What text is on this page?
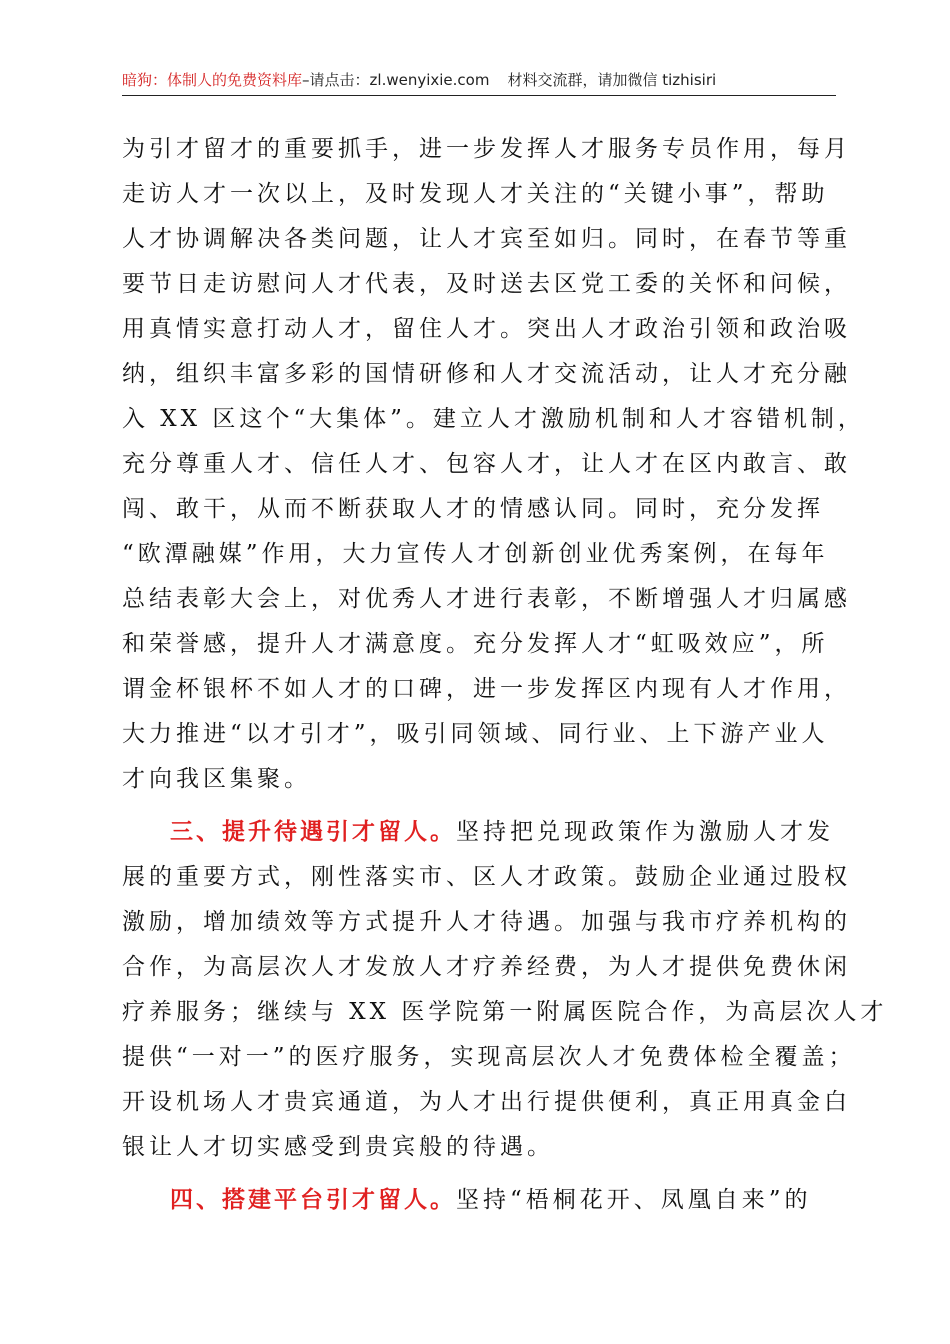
暗狗：体制人的免费资料库–请点击：zl.wenyixie.com 材料交流群，请加微信 tizhisiri
为引才留才的重要抓手，进一步发挥人才服务专员作用，每月
走访人才一次以上，及时发现人才关注的“关键小事”，帮助
人才协调解决各类问题，让人才宾至如归。同时，在春节等重
要节日走访慰问人才代表，及时送去区党工委的关怀和问候，
用真情实意打动人才，留住人才。突出人才政治引领和政治吸
纳，组织丰富多彩的国情研修和人才交流活动，让人才充分融
入 XX 区这个“大集体”。建立人才激励机制和人才容错机制，
充分尊重人才、信任人才、包容人才，让人才在区内敢言、敢
闯、敢干，从而不断获取人才的情感认同。同时，充分发挥
“欧潭融媒”作用，大力宣传人才创新创业优秀案例，在每年
总结表彰大会上，对优秀人才进行表彰，不断增强人才归属感
和荣誉感，提升人才满意度。充分发挥人才“虹吸效应”，所
谓金杯银杯不如人才的口碑，进一步发挥区内现有人才作用，
大力推进“以才引才”，吸引同领域、同行业、上下游产业人
才向我区集聚。
三、提升待遇引才留人。坚持把兑现政策作为激励人才发
展的重要方式，刚性落实市、区人才政策。鼓励企业通过股权
激励，增加绩效等方式提升人才待遇。加强与我市疗养机构的
合作，为高层次人才发放人才疗养经费，为人才提供免费休闲
疗养服务；继续与 XX 医学院第一附属医院合作，为高层次人才
提供“一对一”的医疗服务，实现高层次人才免费体检全覆盖；
开设机场人才贵宾通道，为人才出行提供便利，真正用真金白
银让人才切实感受到贵宾般的待遇。
四、搭建平台引才留人。坚持“梧桐花开、凤凰自来”的
